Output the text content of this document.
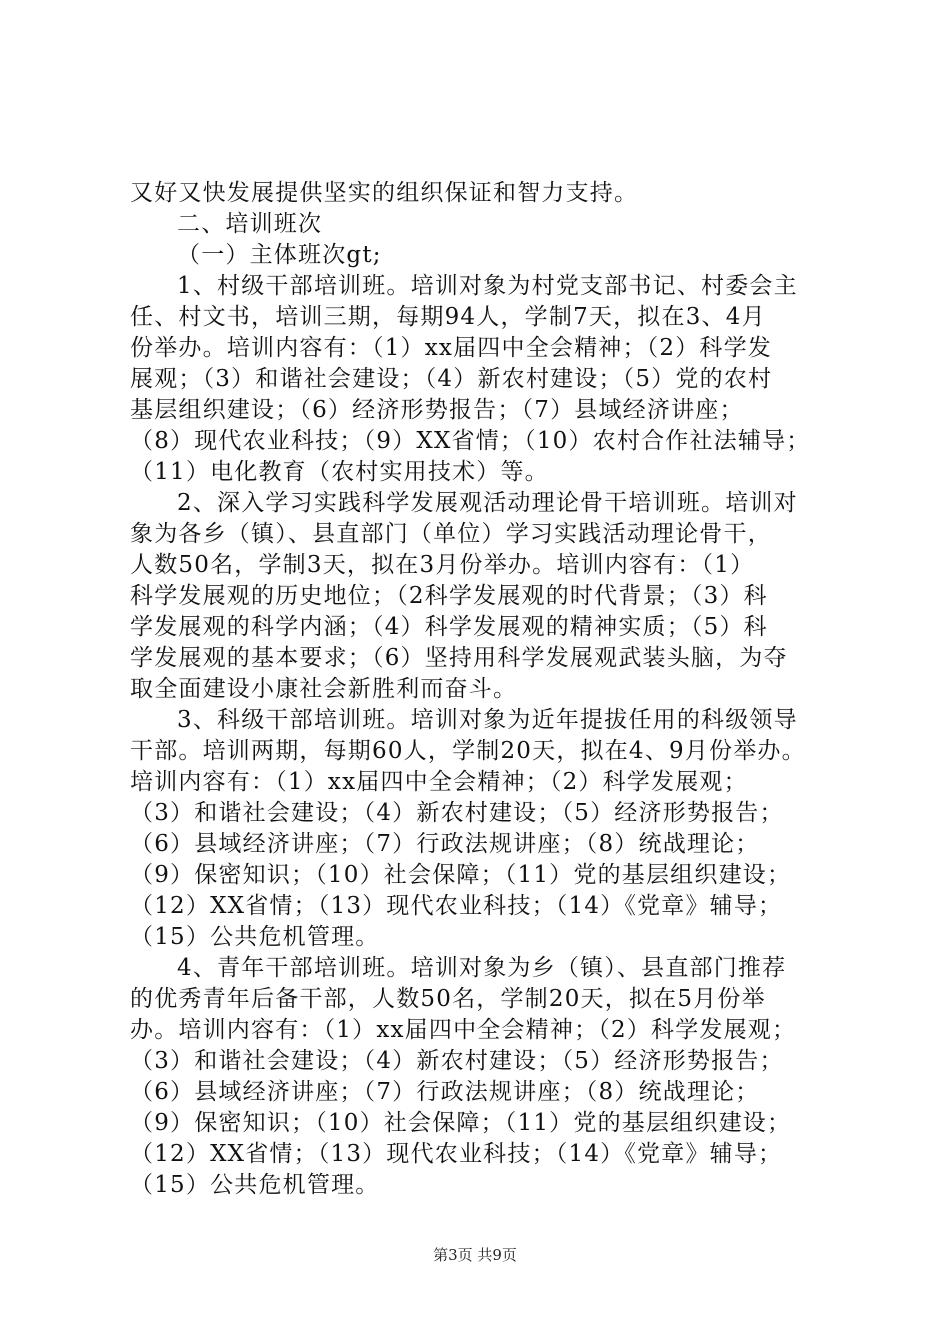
又好又快发展提供坚实的组织保证和智力支持。
二、培训班次
（一）主体班次gt;
1、村级干部培训班。培训对象为村党支部书记、村委会主
任、村文书，培训三期，每期94人，学制7天，拟在3、4月
份举办。培训内容有：（1）xx届四中全会精神；（2）科学发
展观；（3）和谐社会建设；（4）新农村建设；（5）党的农村
基层组织建设；（6）经济形势报告；（7）县域经济讲座；
（8）现代农业科技；（9）XX省情；（10）农村合作社法辅导；
（11）电化教育（农村实用技术）等。
2、深入学习实践科学发展观活动理论骨干培训班。培训对
象为各乡（镇）、县直部门（单位）学习实践活动理论骨干，
人数50名，学制3天，拟在3月份举办。培训内容有：（1）
科学发展观的历史地位；（2科学发展观的时代背景；（3）科
学发展观的科学内涵；（4）科学发展观的精神实质；（5）科
学发展观的基本要求；（6）坚持用科学发展观武装头脑，为夺
取全面建设小康社会新胜利而奋斗。
3、科级干部培训班。培训对象为近年提拔任用的科级领导
干部。培训两期，每期60人，学制20天，拟在4、9月份举办。
培训内容有：（1）xx届四中全会精神；（2）科学发展观；
（3）和谐社会建设；（4）新农村建设；（5）经济形势报告；
（6）县域经济讲座；（7）行政法规讲座；（8）统战理论；
（9）保密知识；（10）社会保障；（11）党的基层组织建设；
（12）XX省情；（13）现代农业科技；（14）《党章》辅导；
（15）公共危机管理。
4、青年干部培训班。培训对象为乡（镇）、县直部门推荐
的优秀青年后备干部，人数50名，学制20天，拟在5月份举
办。培训内容有：（1）xx届四中全会精神；（2）科学发展观；
（3）和谐社会建设；（4）新农村建设；（5）经济形势报告；
（6）县域经济讲座；（7）行政法规讲座；（8）统战理论；
（9）保密知识；（10）社会保障；（11）党的基层组织建设；
（12）XX省情；（13）现代农业科技；（14）《党章》辅导；
（15）公共危机管理。
第3页 共9页
